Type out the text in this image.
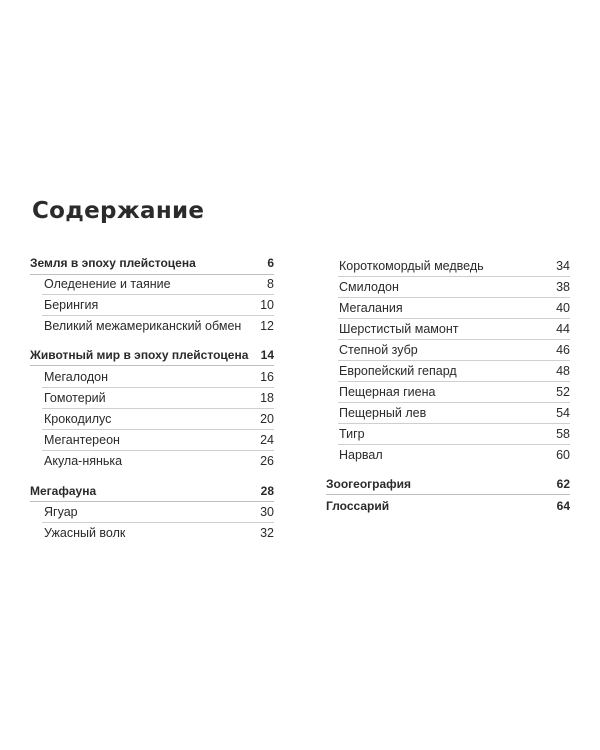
Содержание
Земля в эпоху плейстоцена	6
Оледенение и таяние	8
Берингия	10
Великий межамериканский обмен 12
Животный мир в эпоху плейстоцена 14
Мегалодон	16
Гомотерий	18
Крокодилус	20
Мегантереон	24
Акула-нянька	26
Мегафауна	28
Ягуар	30
Ужасный волк	32
Короткомордый медведь	34
Смилодон	38
Мегалания	40
Шерстистый мамонт	44
Степной зубр	46
Европейский гепард	48
Пещерная гиена	52
Пещерный лев	54
Тигр	58
Нарвал	60
Зоогеография	62
Глоссарий	64
